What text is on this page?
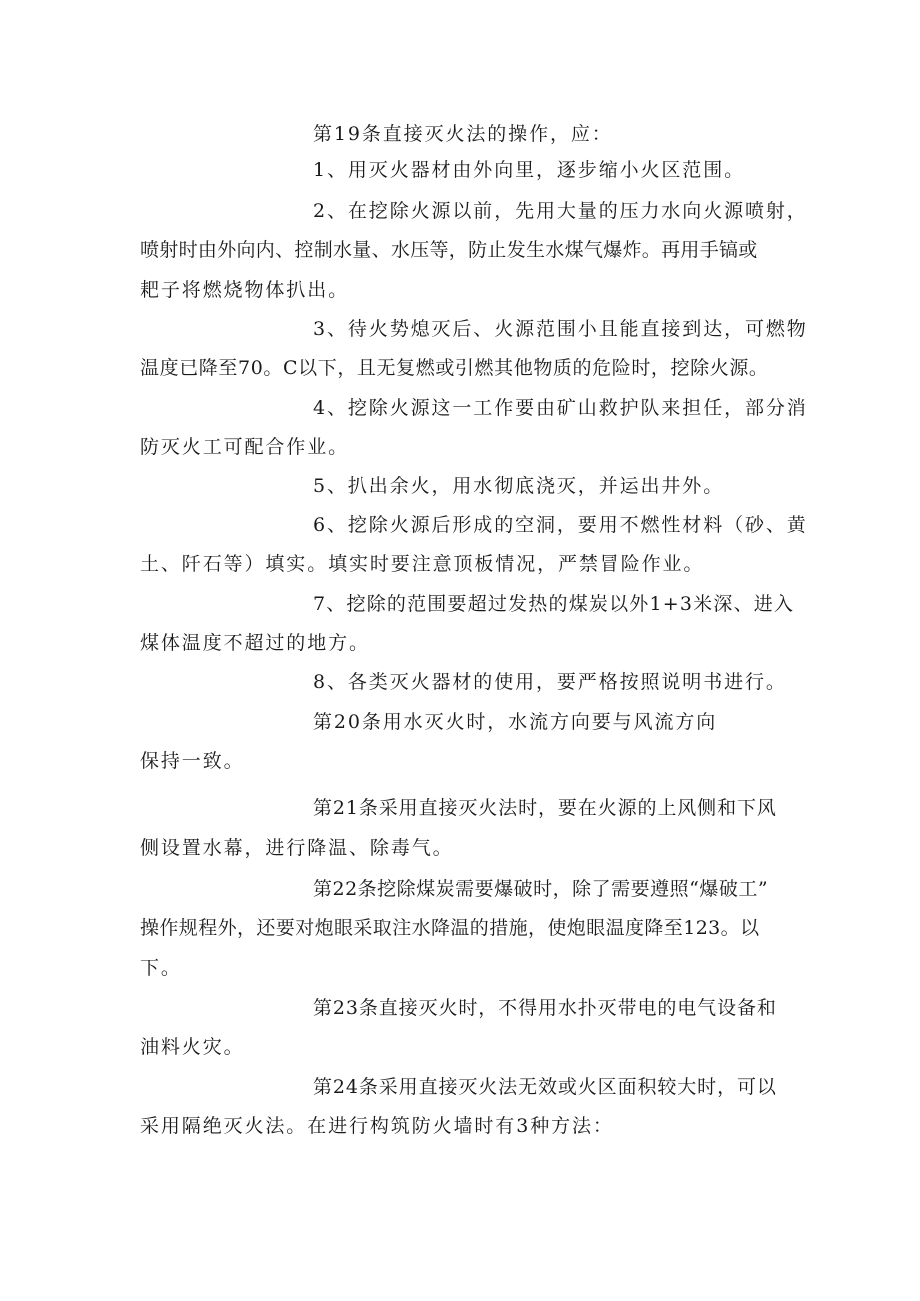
第19条直接灭火法的操作，应：
1、用灭火器材由外向里，逐步缩小火区范围。
2、在挖除火源以前，先用大量的压力水向火源喷射，
喷射时由外向内、控制水量、水压等，防止发生水煤气爆炸。再用手镐或
耙子将燃烧物体扒出。
3、待火势熄灭后、火源范围小且能直接到达，可燃物
温度已降至70。C以下，且无复燃或引燃其他物质的危险时，挖除火源。
4、挖除火源这一工作要由矿山救护队来担任，部分消
防灭火工可配合作业。
5、扒出余火，用水彻底浇灭，并运出井外。
6、挖除火源后形成的空洞，要用不燃性材料（砂、黄
土、阡石等）填实。填实时要注意顶板情况，严禁冒险作业。
7、挖除的范围要超过发热的煤炭以外1+3米深、进入
煤体温度不超过的地方。
8、各类灭火器材的使用，要严格按照说明书进行。
第20条用水灭火时，水流方向要与风流方向
保持一致。
第21条采用直接灭火法时，要在火源的上风侧和下风
侧设置水幕，进行降温、除毒气。
第22条挖除煤炭需要爆破时，除了需要遵照“爆破工”
操作规程外，还要对炮眼采取注水降温的措施，使炮眼温度降至123。以
下。
第23条直接灭火时，不得用水扑灭带电的电气设备和
油料火灾。
第24条采用直接灭火法无效或火区面积较大时，可以
采用隔绝灭火法。在进行构筑防火墙时有3种方法：
